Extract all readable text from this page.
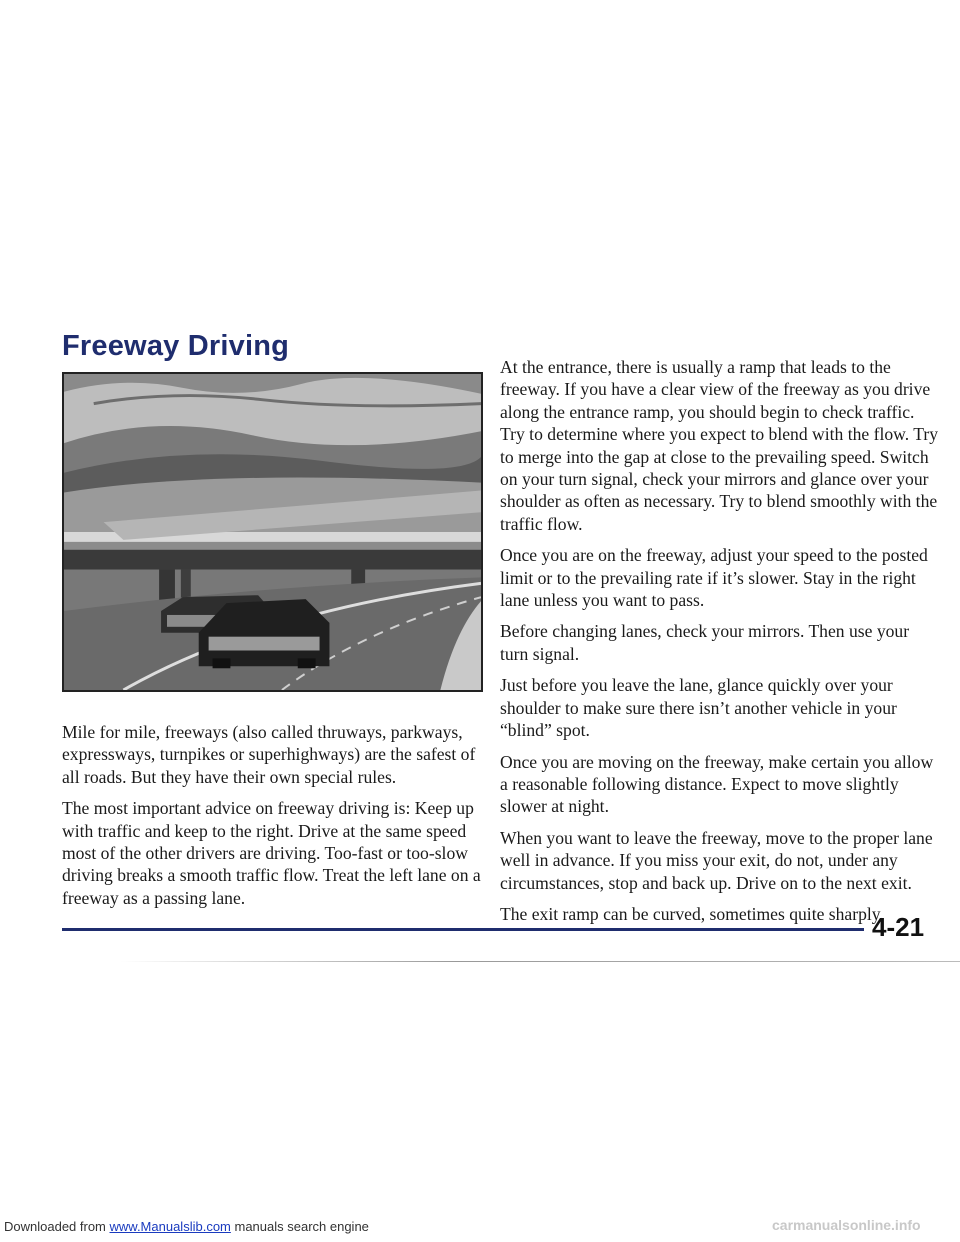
Freeway Driving

Mile for mile, freeways (also called thruways, parkways, expressways, turnpikes or superhighways) are the safest of all roads. But they have their own special rules.

The most important advice on freeway driving is: Keep up with traffic and keep to the right. Drive at the same speed most of the other drivers are driving. Too-fast or too-slow driving breaks a smooth traffic flow. Treat the left lane on a freeway as a passing lane.

At the entrance, there is usually a ramp that leads to the freeway. If you have a clear view of the freeway as you drive along the entrance ramp, you should begin to check traffic. Try to determine where you expect to blend with the flow. Try to merge into the gap at close to the prevailing speed. Switch on your turn signal, check your mirrors and glance over your shoulder as often as necessary. Try to blend smoothly with the traffic flow.

Once you are on the freeway, adjust your speed to the posted limit or to the prevailing rate if it’s slower. Stay in the right lane unless you want to pass.

Before changing lanes, check your mirrors. Then use your turn signal.

Just before you leave the lane, glance quickly over your shoulder to make sure there isn’t another vehicle in your “blind” spot.

Once you are moving on the freeway, make certain you allow a reasonable following distance. Expect to move slightly slower at night.

When you want to leave the freeway, move to the proper lane well in advance. If you miss your exit, do not, under any circumstances, stop and back up. Drive on to the next exit.

The exit ramp can be curved, sometimes quite sharply.

4-21
Downloaded from www.Manualslib.com manuals search engine	carmanualsonline.info
